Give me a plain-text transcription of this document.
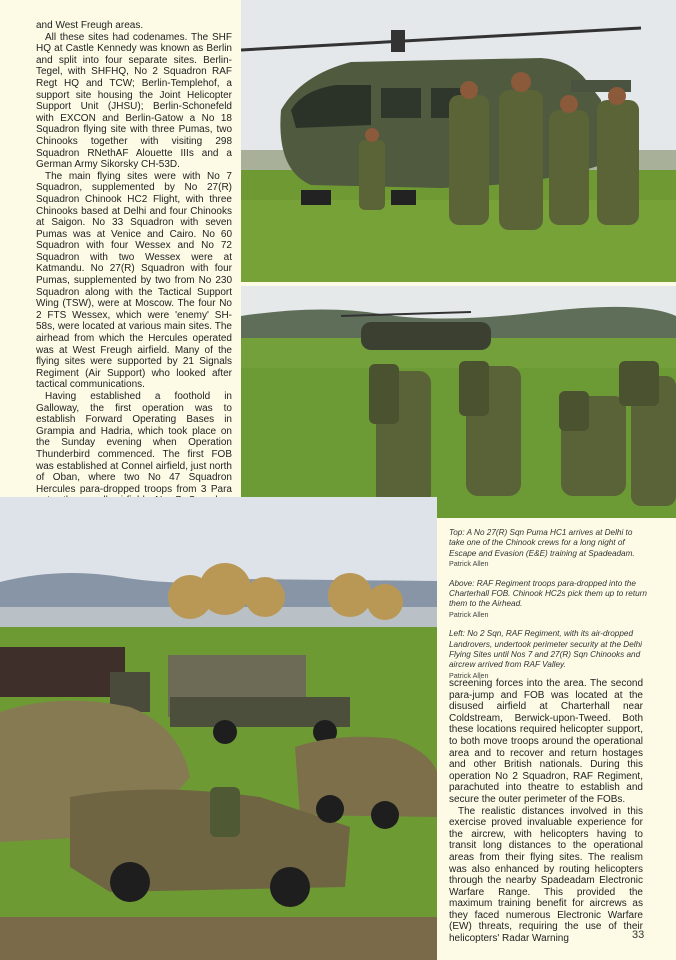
and West Freugh areas.

All these sites had codenames. The SHF HQ at Castle Kennedy was known as Berlin and split into four separate sites. Berlin-Tegel, with SHFHQ, No 2 Squadron RAF Regt HQ and TCW; Berlin-Templehof, a support site housing the Joint Helicopter Support Unit (JHSU); Berlin-Schonefeld with EXCON and Berlin-Gatow a No 18 Squadron flying site with three Pumas, two Chinooks together with visiting 298 Squadron RNethAF Alouette IIIs and a German Army Sikorsky CH-53D.

The main flying sites were with No 7 Squadron, supplemented by No 27(R) Squadron Chinook HC2 Flight, with three Chinooks based at Delhi and four Chinooks at Saigon. No 33 Squadron with seven Pumas was at Venice and Cairo. No 60 Squadron with four Wessex and No 72 Squadron with two Wessex were at Katmandu. No 27(R) Squadron with four Pumas, supplemented by two from No 230 Squadron along with the Tactical Support Wing (TSW), were at Moscow. The four No 2 FTS Wessex, which were 'enemy' SH-58s, were located at various main sites. The airhead from which the Hercules operated was at West Freugh airfield. Many of the flying sites were supported by 21 Signals Regiment (Air Support) who looked after tactical communications.

Having established a foothold in Galloway, the first operation was to establish Forward Operating Bases in Grampia and Hadria, which took place on the Sunday evening when Operation Thunderbird commenced. The first FOB was established at Connel airfield, just north of Oban, where two No 47 Squadron Hercules para-dropped troops from 3 Para

Top: A No 27(R) Sqn Puma HC1 arrives at Delhi to take one of the Chinook crews for a long night of Escape and Evasion (E&E) training at Spadeadam.
Patrick Allen
Above: RAF Regiment troops para-dropped into the Charterhall FOB. Chinook HC2s pick them up to return them to the Airhead.
Patrick Allen
Left: No 2 Sqn, RAF Regiment, with its air-dropped Landrovers, undertook perimeter security at the Delhi Flying Sites until Nos 7 and 27(R) Sqn Chinooks and aircrew arrived from RAF Valley.
Patrick Allen

screening forces into the area. The second para-jump and FOB was located at the disused airfield at Charterhall near Coldstream, Berwick-upon-Tweed. Both these locations required helicopter support, to both move troops around the operational area and to recover and return hostages and other British nationals. During this operation No 2 Squadron, RAF Regiment, parachuted into theatre to establish and secure the outer perimeter of the FOBs.

The realistic distances involved in this exercise proved invaluable experience for the aircrew, with helicopters having to transit long distances to the operational areas from their flying sites. The realism was also enhanced by routing helicopters through the nearby Spadeadam Electronic Warfare Range. This provided the maximum training benefit for aircrews as they faced numerous Electronic Warfare (EW) threats, requiring the use of their helicopters' Radar Warning	33
